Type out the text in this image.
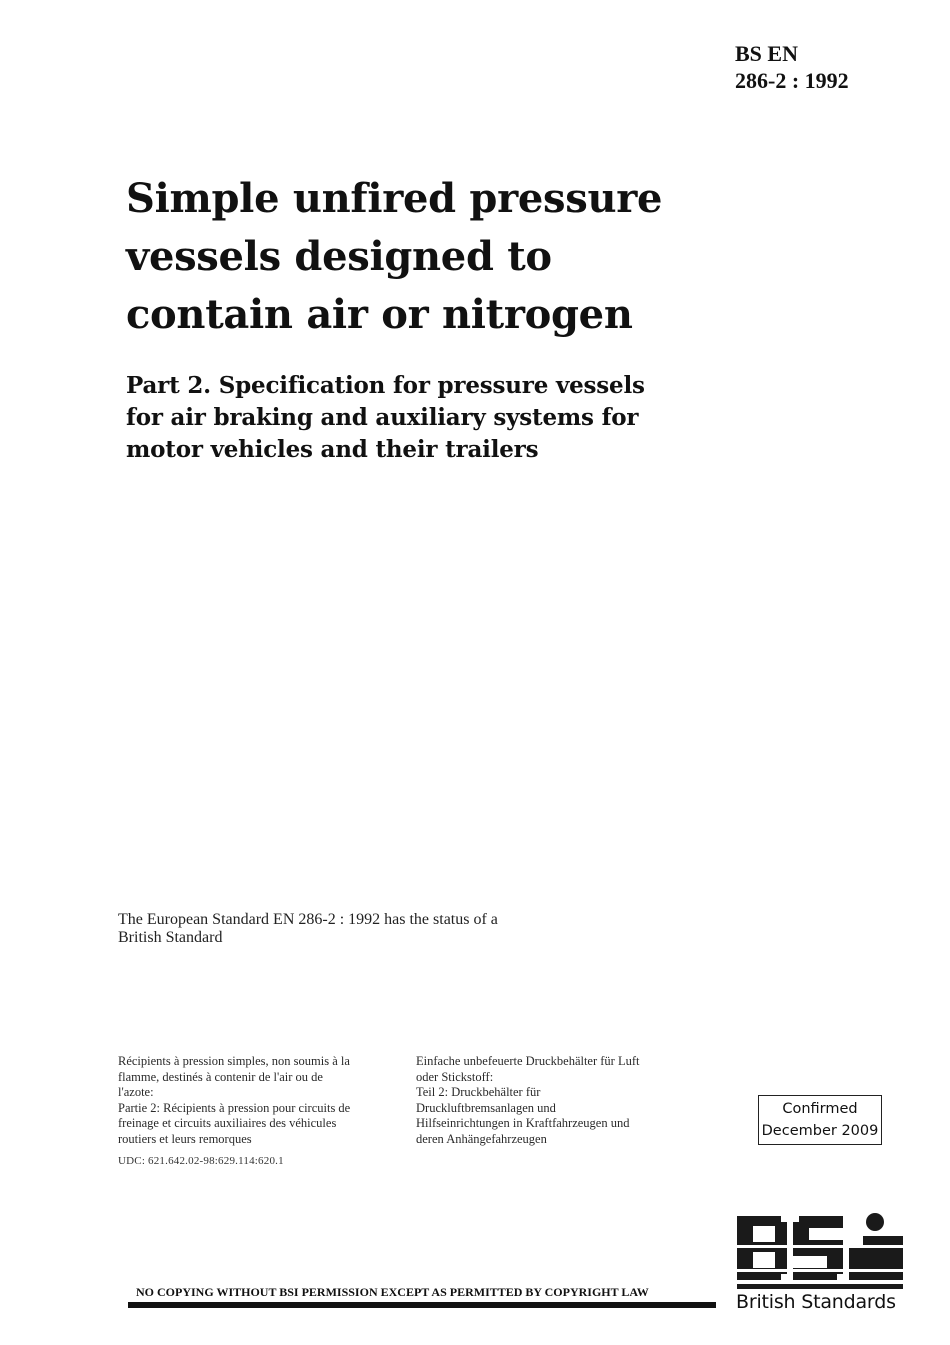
BS EN
286-2 : 1992
Simple unfired pressure
vessels designed to
contain air or nitrogen
Part 2. Specification for pressure vessels
for air braking and auxiliary systems for
motor vehicles and their trailers
The European Standard EN 286-2 : 1992 has the status of a
British Standard
Récipients à pression simples, non soumis à la
flamme, destinés à contenir de l'air ou de
l'azote:
Partie 2: Récipients à pression pour circuits de
freinage et circuits auxiliaires des véhicules
routiers et leurs remorques
Einfache unbefeuerte Druckbehälter für Luft
oder Stickstoff:
Teil 2: Druckbehälter für
Druckluftbremsanlagen und
Hilfseinrichtungen in Kraftfahrzeugen und
deren Anhängefahrzeugen
UDC: 621.642.02-98:629.114:620.1
Confirmed
December 2009
NO COPYING WITHOUT BSI PERMISSION EXCEPT AS PERMITTED BY COPYRIGHT LAW	British Standards
